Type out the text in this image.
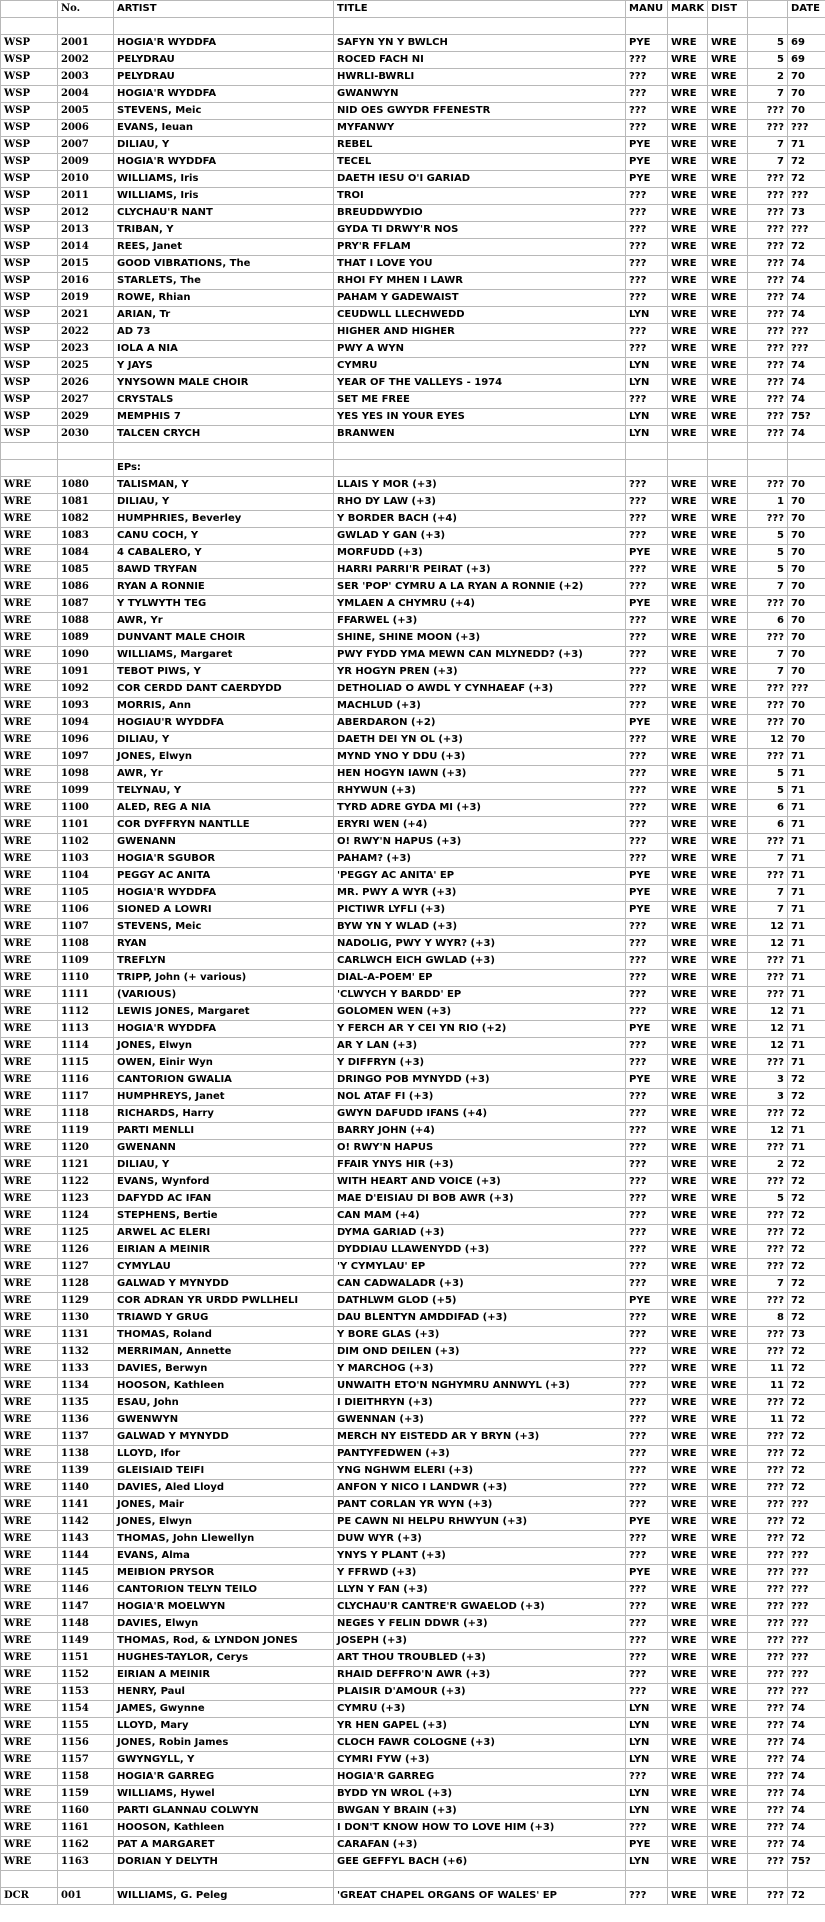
	No.	ARTIST	TITLE	MANU	MARK	DIST		DATE

WSP	2001	HOGIA'R WYDDFA	SAFYN YN Y BWLCH	PYE	WRE	WRE	5	69
WSP	2002	PELYDRAU	ROCED FACH NI	???	WRE	WRE	5	69
WSP	2003	PELYDRAU	HWRLI-BWRLI	???	WRE	WRE	2	70
WSP	2004	HOGIA'R WYDDFA	GWANWYN	???	WRE	WRE	7	70
WSP	2005	STEVENS, Meic	NID OES GWYDR FFENESTR	???	WRE	WRE	???	70
WSP	2006	EVANS, Ieuan	MYFANWY	???	WRE	WRE	???	???
WSP	2007	DILIAU, Y	REBEL	PYE	WRE	WRE	7	71
WSP	2009	HOGIA'R WYDDFA	TECEL	PYE	WRE	WRE	7	72
WSP	2010	WILLIAMS, Iris	DAETH IESU O'I GARIAD	PYE	WRE	WRE	???	72
WSP	2011	WILLIAMS, Iris	TROI	???	WRE	WRE	???	???
WSP	2012	CLYCHAU'R NANT	BREUDDWYDIO	???	WRE	WRE	???	73
WSP	2013	TRIBAN, Y	GYDA TI DRWY'R NOS	???	WRE	WRE	???	???
WSP	2014	REES, Janet	PRY'R FFLAM	???	WRE	WRE	???	72
WSP	2015	GOOD VIBRATIONS, The	THAT I LOVE YOU	???	WRE	WRE	???	74
WSP	2016	STARLETS, The	RHOI FY MHEN I LAWR	???	WRE	WRE	???	74
WSP	2019	ROWE, Rhian	PAHAM Y GADEWAIST	???	WRE	WRE	???	74
WSP	2021	ARIAN, Tr	CEUDWLL LLECHWEDD	LYN	WRE	WRE	???	74
WSP	2022	AD 73	HIGHER AND HIGHER	???	WRE	WRE	???	???
WSP	2023	IOLA A NIA	PWY A WYN	???	WRE	WRE	???	???
WSP	2025	Y JAYS	CYMRU	LYN	WRE	WRE	???	74
WSP	2026	YNYSOWN MALE CHOIR	YEAR OF THE VALLEYS - 1974	LYN	WRE	WRE	???	74
WSP	2027	CRYSTALS	SET ME FREE	???	WRE	WRE	???	74
WSP	2029	MEMPHIS 7	YES YES IN YOUR EYES	LYN	WRE	WRE	???	75?
WSP	2030	TALCEN CRYCH	BRANWEN	LYN	WRE	WRE	???	74

		EPs:						
WRE	1080	TALISMAN, Y	LLAIS Y MOR (+3)	???	WRE	WRE	???	70
WRE	1081	DILIAU, Y	RHO DY LAW (+3)	???	WRE	WRE	1	70
WRE	1082	HUMPHRIES, Beverley	Y BORDER BACH (+4)	???	WRE	WRE	???	70
WRE	1083	CANU COCH, Y	GWLAD Y GAN (+3)	???	WRE	WRE	5	70
WRE	1084	4 CABALERO, Y	MORFUDD (+3)	PYE	WRE	WRE	5	70
WRE	1085	8AWD TRYFAN	HARRI PARRI'R PEIRAT (+3)	???	WRE	WRE	5	70
WRE	1086	RYAN A RONNIE	SER 'POP' CYMRU A LA RYAN A RONNIE (+2)	???	WRE	WRE	7	70
WRE	1087	Y TYLWYTH TEG	YMLAEN A CHYMRU (+4)	PYE	WRE	WRE	???	70
WRE	1088	AWR, Yr	FFARWEL (+3)	???	WRE	WRE	6	70
WRE	1089	DUNVANT MALE CHOIR	SHINE, SHINE MOON (+3)	???	WRE	WRE	???	70
WRE	1090	WILLIAMS, Margaret	PWY FYDD YMA MEWN CAN MLYNEDD? (+3)	???	WRE	WRE	7	70
WRE	1091	TEBOT PIWS, Y	YR HOGYN PREN (+3)	???	WRE	WRE	7	70
WRE	1092	COR CERDD DANT CAERDYDD	DETHOLIAD O AWDL Y CYNHAEAF (+3)	???	WRE	WRE	???	???
WRE	1093	MORRIS, Ann	MACHLUD (+3)	???	WRE	WRE	???	70
WRE	1094	HOGIAU'R WYDDFA	ABERDARON (+2)	PYE	WRE	WRE	???	70
WRE	1096	DILIAU, Y	DAETH DEI YN OL (+3)	???	WRE	WRE	12	70
WRE	1097	JONES, Elwyn	MYND YNO Y DDU (+3)	???	WRE	WRE	???	71
WRE	1098	AWR, Yr	HEN HOGYN IAWN (+3)	???	WRE	WRE	5	71
WRE	1099	TELYNAU, Y	RHYWUN (+3)	???	WRE	WRE	5	71
WRE	1100	ALED, REG A NIA	TYRD ADRE GYDA MI (+3)	???	WRE	WRE	6	71
WRE	1101	COR DYFFRYN NANTLLE	ERYRI WEN (+4)	???	WRE	WRE	6	71
WRE	1102	GWENANN	O! RWY'N HAPUS (+3)	???	WRE	WRE	???	71
WRE	1103	HOGIA'R SGUBOR	PAHAM? (+3)	???	WRE	WRE	7	71
WRE	1104	PEGGY AC ANITA	'PEGGY AC ANITA' EP	PYE	WRE	WRE	???	71
WRE	1105	HOGIA'R WYDDFA	MR. PWY A WYR (+3)	PYE	WRE	WRE	7	71
WRE	1106	SIONED A LOWRI	PICTIWR LYFLI (+3)	PYE	WRE	WRE	7	71
WRE	1107	STEVENS, Meic	BYW YN Y WLAD (+3)	???	WRE	WRE	12	71
WRE	1108	RYAN	NADOLIG, PWY Y WYR? (+3)	???	WRE	WRE	12	71
WRE	1109	TREFLYN	CARLWCH EICH GWLAD (+3)	???	WRE	WRE	???	71
WRE	1110	TRIPP, John (+ various)	DIAL-A-POEM' EP	???	WRE	WRE	???	71
WRE	1111	(VARIOUS)	'CLWYCH Y BARDD' EP	???	WRE	WRE	???	71
WRE	1112	LEWIS JONES, Margaret	GOLOMEN WEN (+3)	???	WRE	WRE	12	71
WRE	1113	HOGIA'R WYDDFA	Y FERCH AR Y CEI YN RIO (+2)	PYE	WRE	WRE	12	71
WRE	1114	JONES, Elwyn	AR Y LAN (+3)	???	WRE	WRE	12	71
WRE	1115	OWEN, Einir Wyn	Y DIFFRYN (+3)	???	WRE	WRE	???	71
WRE	1116	CANTORION GWALIA	DRINGO POB MYNYDD (+3)	PYE	WRE	WRE	3	72
WRE	1117	HUMPHREYS, Janet	NOL ATAF FI (+3)	???	WRE	WRE	3	72
WRE	1118	RICHARDS, Harry	GWYN DAFUDD IFANS (+4)	???	WRE	WRE	???	72
WRE	1119	PARTI MENLLI	BARRY JOHN (+4)	???	WRE	WRE	12	71
WRE	1120	GWENANN	O! RWY'N HAPUS	???	WRE	WRE	???	71
WRE	1121	DILIAU, Y	FFAIR YNYS HIR (+3)	???	WRE	WRE	2	72
WRE	1122	EVANS, Wynford	WITH HEART AND VOICE (+3)	???	WRE	WRE	???	72
WRE	1123	DAFYDD AC IFAN	MAE D'EISIAU DI BOB AWR (+3)	???	WRE	WRE	5	72
WRE	1124	STEPHENS, Bertie	CAN MAM (+4)	???	WRE	WRE	???	72
WRE	1125	ARWEL AC ELERI	DYMA GARIAD (+3)	???	WRE	WRE	???	72
WRE	1126	EIRIAN A MEINIR	DYDDIAU LLAWENYDD (+3)	???	WRE	WRE	???	72
WRE	1127	CYMYLAU	'Y CYMYLAU' EP	???	WRE	WRE	???	72
WRE	1128	GALWAD Y MYNYDD	CAN CADWALADR (+3)	???	WRE	WRE	7	72
WRE	1129	COR ADRAN YR URDD PWLLHELI	DATHLWM GLOD (+5)	PYE	WRE	WRE	???	72
WRE	1130	TRIAWD Y GRUG	DAU BLENTYN AMDDIFAD (+3)	???	WRE	WRE	8	72
WRE	1131	THOMAS, Roland	Y BORE GLAS (+3)	???	WRE	WRE	???	73
WRE	1132	MERRIMAN, Annette	DIM OND DEILEN (+3)	???	WRE	WRE	???	72
WRE	1133	DAVIES, Berwyn	Y MARCHOG (+3)	???	WRE	WRE	11	72
WRE	1134	HOOSON, Kathleen	UNWAITH ETO'N NGHYMRU ANNWYL (+3)	???	WRE	WRE	11	72
WRE	1135	ESAU, John	I DIEITHRYN (+3)	???	WRE	WRE	???	72
WRE	1136	GWENWYN	GWENNAN (+3)	???	WRE	WRE	11	72
WRE	1137	GALWAD Y MYNYDD	MERCH NY EISTEDD AR Y BRYN (+3)	???	WRE	WRE	???	72
WRE	1138	LLOYD, Ifor	PANTYFEDWEN (+3)	???	WRE	WRE	???	72
WRE	1139	GLEISIAID TEIFI	YNG NGHWM ELERI (+3)	???	WRE	WRE	???	72
WRE	1140	DAVIES, Aled Lloyd	ANFON Y NICO I LANDWR (+3)	???	WRE	WRE	???	72
WRE	1141	JONES, Mair	PANT CORLAN YR WYN (+3)	???	WRE	WRE	???	???
WRE	1142	JONES, Elwyn	PE CAWN NI HELPU RHWYUN (+3)	PYE	WRE	WRE	???	72
WRE	1143	THOMAS, John Llewellyn	DUW WYR (+3)	???	WRE	WRE	???	72
WRE	1144	EVANS, Alma	YNYS Y PLANT (+3)	???	WRE	WRE	???	???
WRE	1145	MEIBION PRYSOR	Y FFRWD (+3)	PYE	WRE	WRE	???	???
WRE	1146	CANTORION TELYN TEILO	LLYN Y FAN (+3)	???	WRE	WRE	???	???
WRE	1147	HOGIA'R MOELWYN	CLYCHAU'R CANTRE'R GWAELOD (+3)	???	WRE	WRE	???	???
WRE	1148	DAVIES, Elwyn	NEGES Y FELIN DDWR (+3)	???	WRE	WRE	???	???
WRE	1149	THOMAS, Rod, & LYNDON JONES	JOSEPH (+3)	???	WRE	WRE	???	???
WRE	1151	HUGHES-TAYLOR, Cerys	ART THOU TROUBLED (+3)	???	WRE	WRE	???	???
WRE	1152	EIRIAN A MEINIR	RHAID DEFFRO'N AWR (+3)	???	WRE	WRE	???	???
WRE	1153	HENRY, Paul	PLAISIR D'AMOUR (+3)	???	WRE	WRE	???	???
WRE	1154	JAMES, Gwynne	CYMRU (+3)	LYN	WRE	WRE	???	74
WRE	1155	LLOYD, Mary	YR HEN GAPEL (+3)	LYN	WRE	WRE	???	74
WRE	1156	JONES, Robin James	CLOCH FAWR COLOGNE (+3)	LYN	WRE	WRE	???	74
WRE	1157	GWYNGYLL, Y	CYMRI FYW (+3)	LYN	WRE	WRE	???	74
WRE	1158	HOGIA'R GARREG	HOGIA'R GARREG	???	WRE	WRE	???	74
WRE	1159	WILLIAMS, Hywel	BYDD YN WROL (+3)	LYN	WRE	WRE	???	74
WRE	1160	PARTI GLANNAU COLWYN	BWGAN Y BRAIN (+3)	LYN	WRE	WRE	???	74
WRE	1161	HOOSON, Kathleen	I DON'T KNOW HOW TO LOVE HIM (+3)	???	WRE	WRE	???	74
WRE	1162	PAT A MARGARET	CARAFAN (+3)	PYE	WRE	WRE	???	74
WRE	1163	DORIAN Y DELYTH	GEE GEFFYL BACH (+6)	LYN	WRE	WRE	???	75?

DCR	001	WILLIAMS, G. Peleg	'GREAT CHAPEL ORGANS OF WALES' EP	???	WRE	WRE	???	72
